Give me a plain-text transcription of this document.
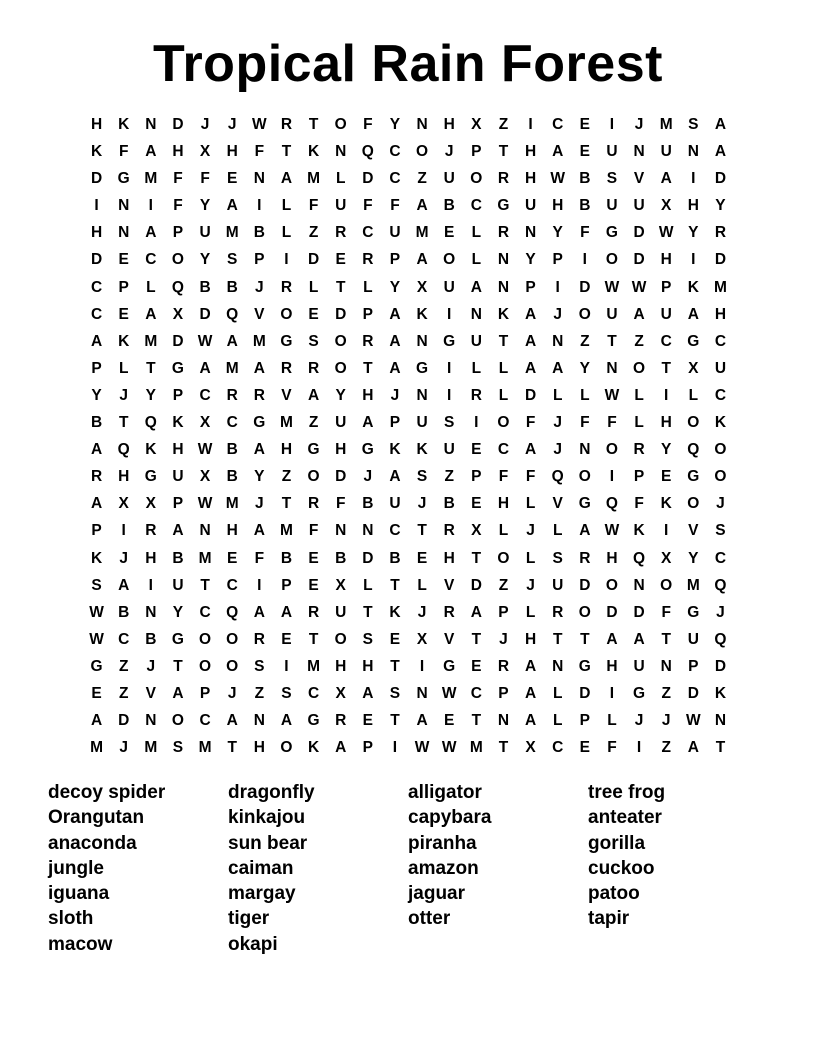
Tropical Rain Forest
H	K	N	D	J	J W R	T	O	F	Y	N	H	X	Z	I	C	E	I	J	M	S	A
K	F	A	H	X	H	F	T	K	N	Q C	O	J	P	T	H	A	E	U	N	U	N	A
D	G M	F	F	E	N	A M	L	D	C	Z	U	O R	H W B	S	V	A	I	D
I	N	I	F	Y	A	I	L	F	U	F	F	A	B	C	G U	H	B	U	U	X	H	Y
H	N	A	P	U M B	L	Z	R	C	U M	E	L	R	N	Y	F	G D W Y	R
D	E	C	O	Y	S	P	I	D	E	R	P	A	O	L	N	Y	P	I	O D	H	I	D
C	P	L	Q B	B	J	R	L	T	L	Y	X	U	A	N	P	I	D W W P	K M
C	E	A	X	D	Q	V	O	E	D	P	A	K	I	N	K	A	J	O U	A	U	A	H
A	K M D W A M G	S	O R	A	N	G U	T	A	N	Z	T	Z	C	G C
P	L	T	G A M A	R	R	O	T	A	G	I	L	L	A	A	Y	N	O	T	X	U
Y	J	Y	P	C	R	R	V	A	Y	H	J	N	I	R	L	D	L	L W L	I	L	C
B	T	Q K	X	C	G M	Z	U	A	P	U	S	I	O	F	J	F	F	L	H	O K
A	Q K	H W B	A	H	G H	G K	K	U	E	C	A	J	N	O R	Y	Q O
R	H	G U	X	B	Y	Z	O D	J	A	S	Z	P	F	F	Q O	I	P	E	G O
A	X	X	P W M	J	T	R	F	B	U	J	B	E	H	L	V	G Q	F	K	O	J
P	I	R	A	N	H	A M	F	N	N	C	T	R	X	L	J	L	A W K	I	V	S
K	J	H	B M	E	F	B	E	B	D	B	E	H	T	O	L	S	R	H	Q	X	Y	C
S	A	I	U	T	C	I	P	E	X	L	T	L	V	D	Z	J	U	D	O N	O M Q
W B	N	Y	C	Q A	A	R	U	T	K	J	R	A	P	L	R	O D	D	F	G	J
W C	B	G O O R	E	T	O	S	E	X	V	T	J	H	T	T	A	A	T	U	Q
G	Z	J	T	O O	S	I	M H	H	T	I	G	E	R	A	N	G H	U	N	P	D
E	Z	V	A	P	J	Z	S	C	X	A	S	N W C	P	A	L	D	I	G	Z	D	K
A	D	N	O C	A	N	A	G R	E	T	A	E	T	N	A	L	P	L	J	J W N
M	J	M	S M	T	H	O K	A	P	I	W W M	T	X	C	E	F	I	Z	A	T
decoy spider
Orangutan
anaconda
jungle
iguana
sloth
macow
dragonfly
kinkajou
sun bear
caiman
margay
tiger
okapi
alligator
capybara
piranha
amazon
jaguar
otter
tree frog
anteater
gorilla
cuckoo
patoo
tapir
